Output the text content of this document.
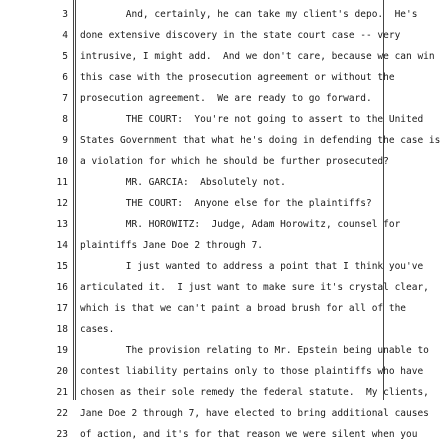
3 And, certainly, he can take my client's depo.  He's
4 done extensive discovery in the state court case -- very
5 intrusive, I might add.  And we don't care, because we can win
6 this case with the prosecution agreement or without the
7 prosecution agreement.  We are ready to go forward.
8 THE COURT:  You're not going to assert to the United
9 States Government that what he's doing in defending the case is
10 a violation for which he should be further prosecuted?
11 MR. GARCIA:  Absolutely not.
12 THE COURT:  Anyone else for the plaintiffs?
13 MR. HOROWITZ:  Judge, Adam Horowitz, counsel for
14 plaintiffs Jane Doe 2 through 7.
15 I just wanted to address a point that I think you've
16 articulated it.  I just want to make sure it's crystal clear,
17 which is that we can't paint a broad brush for all of the
18 cases.
19 The provision relating to Mr. Epstein being unable to
20 contest liability pertains only to those plaintiffs who have
21 chosen as their sole remedy the federal statute.  My clients,
22 Jane Doe 2 through 7, have elected to bring additional causes
23 of action, and it's for that reason we were silent when you
